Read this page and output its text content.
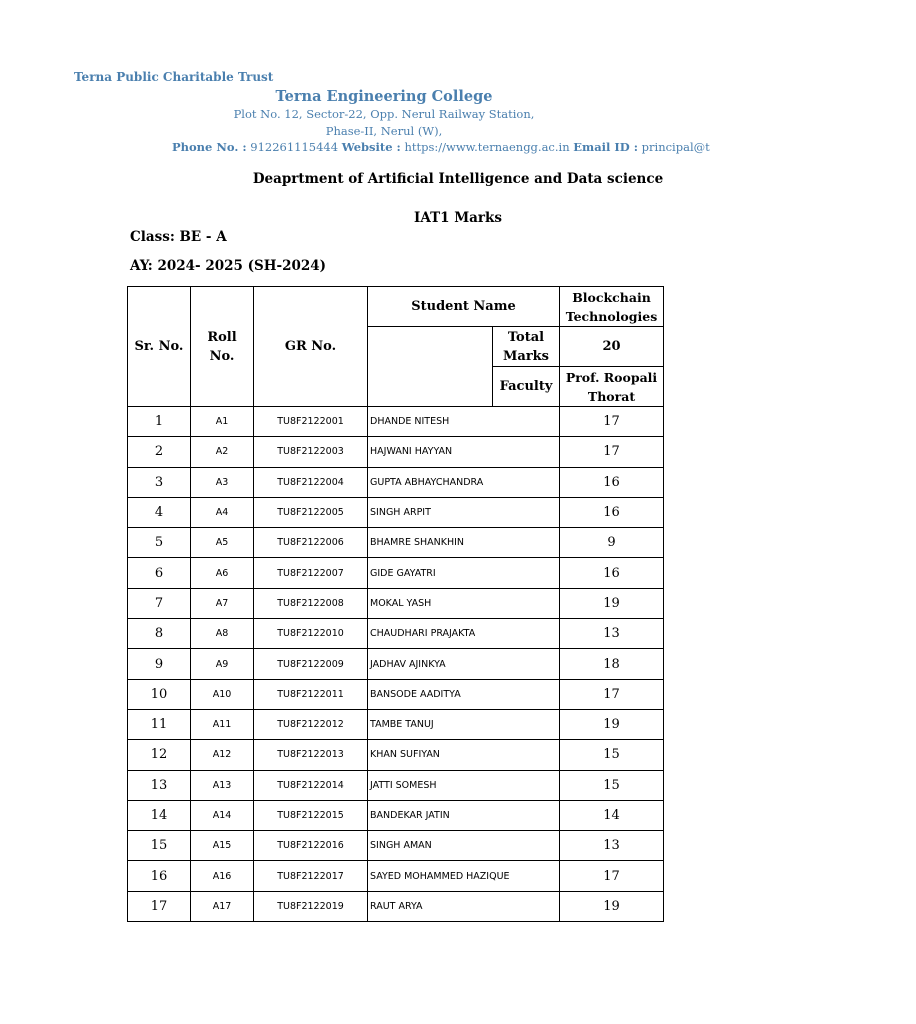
Terna Public Charitable Trust
Terna Engineering College
Plot No. 12, Sector-22, Opp. Nerul Railway Station,
Phase-II, Nerul (W),
Phone No. : 912261115444 Website : https://www.ternaengg.ac.in Email ID : principal@t
Deaprtment of Artificial Intelligence and Data science
IAT1 Marks
Class: BE - A
AY: 2024- 2025 (SH-2024)
Sr. No.	Roll No.	GR No.	Student Name		Blockchain Technologies
				Total Marks	20
				Faculty	Prof. Roopali Thorat
1	A1	TU8F2122001	DHANDE NITESH		17
2	A2	TU8F2122003	HAJWANI HAYYAN		17
3	A3	TU8F2122004	GUPTA ABHAYCHANDRA		16
4	A4	TU8F2122005	SINGH ARPIT		16
5	A5	TU8F2122006	BHAMRE SHANKHIN		9
6	A6	TU8F2122007	GIDE GAYATRI		16
7	A7	TU8F2122008	MOKAL YASH		19
8	A8	TU8F2122010	CHAUDHARI PRAJAKTA		13
9	A9	TU8F2122009	JADHAV AJINKYA		18
10	A10	TU8F2122011	BANSODE AADITYA		17
11	A11	TU8F2122012	TAMBE TANUJ		19
12	A12	TU8F2122013	KHAN SUFIYAN		15
13	A13	TU8F2122014	JATTI SOMESH		15
14	A14	TU8F2122015	BANDEKAR JATIN		14
15	A15	TU8F2122016	SINGH AMAN		13
16	A16	TU8F2122017	SAYED MOHAMMED HAZIQUE		17
17	A17	TU8F2122019	RAUT ARYA		19
